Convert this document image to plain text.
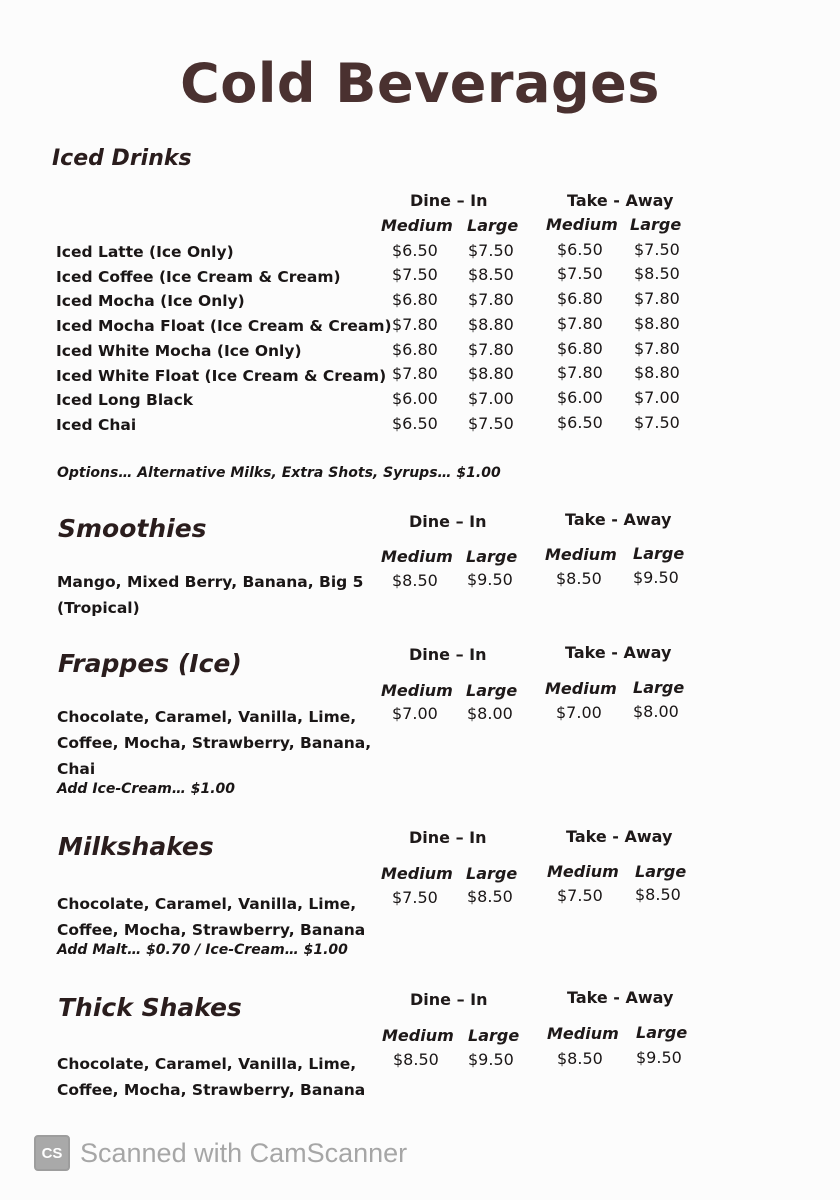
Cold Beverages
Iced Drinks
Dine – In	Take - Away
Medium Large Medium Large
Iced Latte (Ice Only)	$6.50 $7.50	$6.50 $7.50
Iced Coffee (Ice Cream & Cream)	$7.50 $8.50	$7.50 $8.50
Iced Mocha (Ice Only)	$6.80 $7.80	$6.80 $7.80
Iced Mocha Float (Ice Cream & Cream) $7.80 $8.80	$7.80 $8.80
Iced White Mocha (Ice Only)	$6.80 $7.80	$6.80 $7.80
Iced White Float (Ice Cream & Cream) $7.80 $8.80	$7.80 $8.80
Iced Long Black	$6.00 $7.00	$6.00 $7.00
Iced Chai	$6.50 $7.50	$6.50 $7.50
Options… Alternative Milks, Extra Shots, Syrups… $1.00
Smoothies	Dine – In	Take - Away
Medium Large Medium Large
Mango, Mixed Berry, Banana, Big 5
(Tropical)
$8.50 $9.50	$8.50 $9.50
Frappes (Ice)	Dine – In	Take - Away
Medium Large Medium Large
Chocolate, Caramel, Vanilla, Lime,
Coffee, Mocha, Strawberry, Banana,
Chai
Add Ice-Cream… $1.00
$7.00 $8.00	$7.00 $8.00
Milkshakes	Dine – In	Take - Away
Medium Large Medium Large
Chocolate, Caramel, Vanilla, Lime,
Coffee, Mocha, Strawberry, Banana
Add Malt… $0.70 / Ice-Cream… $1.00
$7.50 $8.50	$7.50 $8.50
Thick Shakes	Dine – In	Take - Away
Medium Large Medium Large
Chocolate, Caramel, Vanilla, Lime,
Coffee, Mocha, Strawberry, Banana
$8.50 $9.50	$8.50 $9.50
CS Scanned with CamScanner
